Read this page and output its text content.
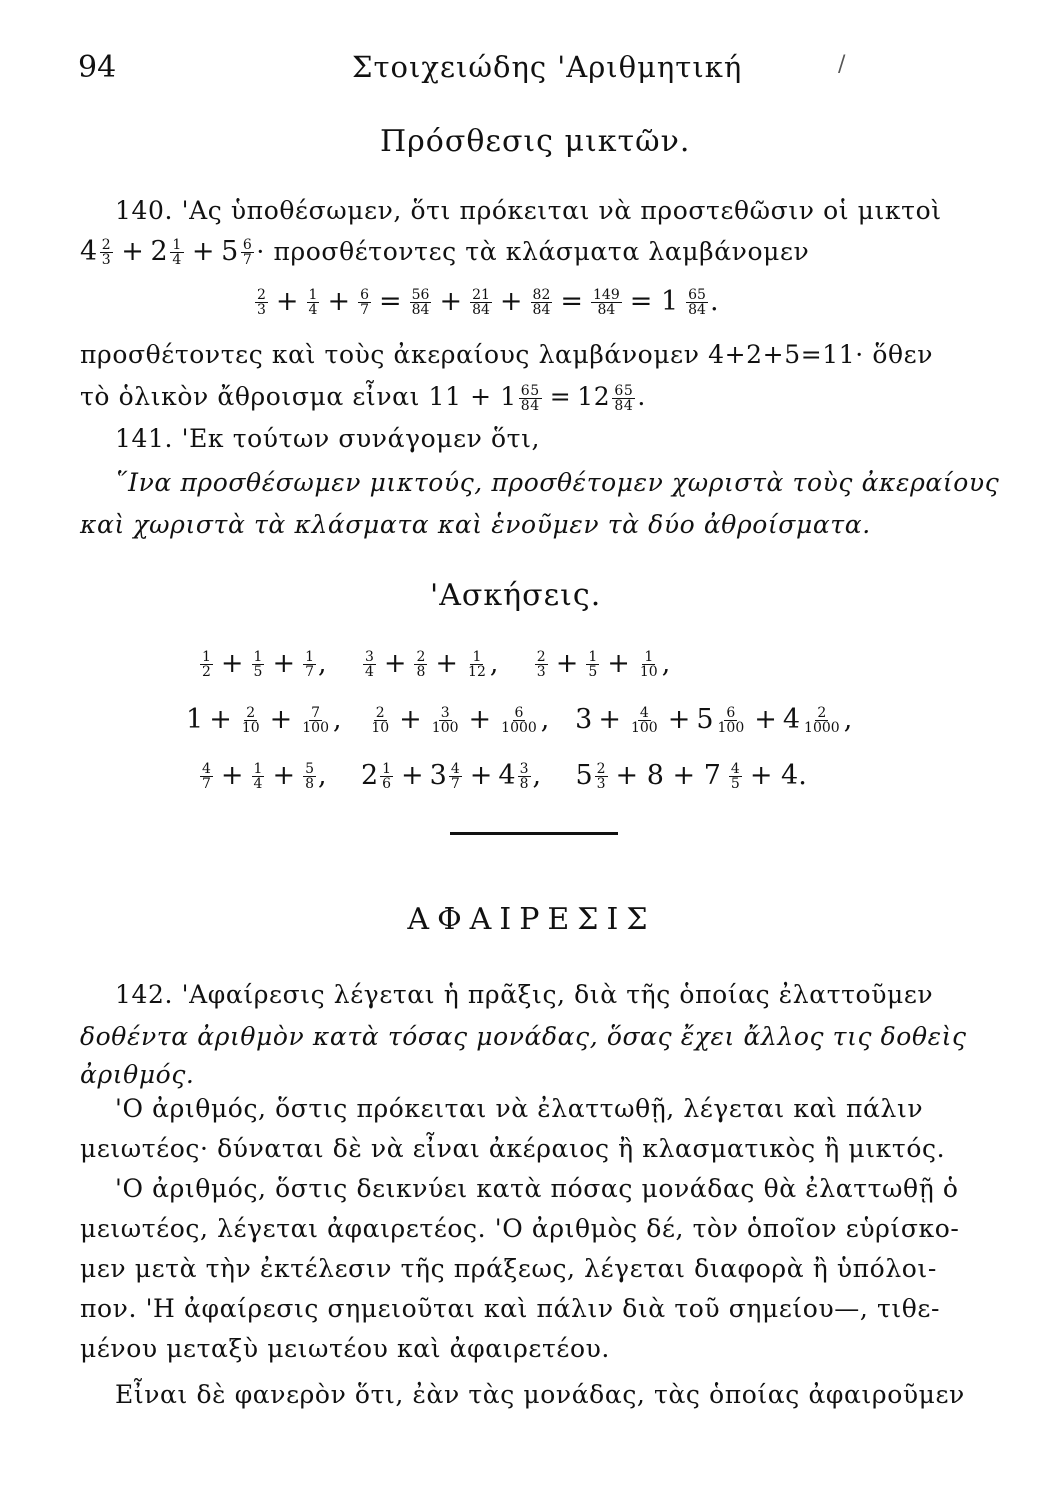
94	Στοιχειώδης 'Αριθμητική	/
Πρόσθεσις μικτῶν.
140. 'Ας ὑποθέσωμεν, ὅτι πρόκειται νὰ προστεθῶσιν οἱ μικτοὶ
$4 \frac{2}{3} + 2 \frac{1}{4} + 5 \frac{6}{7} \cdot \pi\rho o\sigma\theta έ\tau o\nu\tau\varepsilon\varsigma$ τὰ κλάσματα λαμβάνομεν
$\frac{2}{3} + \frac{1}{4} + \frac{6}{7} = \frac{56}{84} + \frac{21}{84} + \frac{82}{84} = \frac{149}{84} = 1 \frac{65}{84}$ .
προσθέτοντες καὶ τοὺς ἀκεραίους λαμβάνομεν 4+2+5=11· ὅθεν
τὸ ὁλικὸν ἄθροισμα εἶναι $11 + 1 \frac{65}{84} = 12 \frac{65}{84}$ .
141. 'Εκ τούτων συνάγομεν ὅτι,
῞Ινα προσθέσωμεν μικτούς, προσθέτομεν χωριστὰ τοὺς ἀκεραίους
καὶ χωριστὰ τὰ κλάσματα καὶ ἑνοῦμεν τὰ δύο ἀθροίσματα.
'Ασκήσεις.
$\frac{1}{2} + \frac{1}{5} + \frac{1}{7}$ , $\frac{3}{4} + \frac{2}{8} + \frac{1}{12}$ , $\frac{2}{3} + \frac{1}{5} + \frac{1}{10}$ ,
$1 + \frac{2}{10} + \frac{7}{100}$ , $\frac{2}{10} + \frac{3}{100} + \frac{6}{1000}$ ,   $3 + \frac{4}{100} + 5 \frac{6}{100} + 4 \frac{2}{1000}$ ,
$\frac{4}{7} + \frac{1}{4} + \frac{5}{8}$ ,    $2 \frac{1}{6} + 3 \frac{4}{7} + 4 \frac{3}{8}$ ,    $5 \frac{2}{3} + 8 + 7 \frac{4}{5} + 4$.
ΑΦΑΙΡΕΣΙΣ
142. 'Αφαίρεσις λέγεται ἡ πρᾶξις, διὰ τῆς ὁποίας ἐλαττοῦμεν
δοθέντα ἀριθμὸν κατὰ τόσας μονάδας, ὅσας ἔχει ἄλλος τις δοθεὶς
ἀριθμός.
'Ο ἀριθμός, ὅστις πρόκειται νὰ ἐλαττωθῇ, λέγεται καὶ πάλιν
μειωτέος· δύναται δὲ νὰ εἶναι ἀκέραιος ἢ κλασματικὸς ἢ μικτός.
'Ο ἀριθμός, ὅστις δεικνύει κατὰ πόσας μονάδας θὰ ἐλαττωθῇ ὁ
μειωτέος, λέγεται ἀφαιρετέος. 'Ο ἀριθμὸς δέ, τὸν ὁποῖον εὑρίσκο-
μεν μετὰ τὴν ἐκτέλεσιν τῆς πράξεως, λέγεται διαφορὰ ἢ ὑπόλοι-
πον. 'Η ἀφαίρεσις σημειοῦται καὶ πάλιν διὰ τοῦ σημείου—, τιθε-
μένου μεταξὺ μειωτέου καὶ ἀφαιρετέου.
Εἶναι δὲ φανερὸν ὅτι, ἐὰν τὰς μονάδας, τὰς ὁποίας ἀφαιροῦμεν
